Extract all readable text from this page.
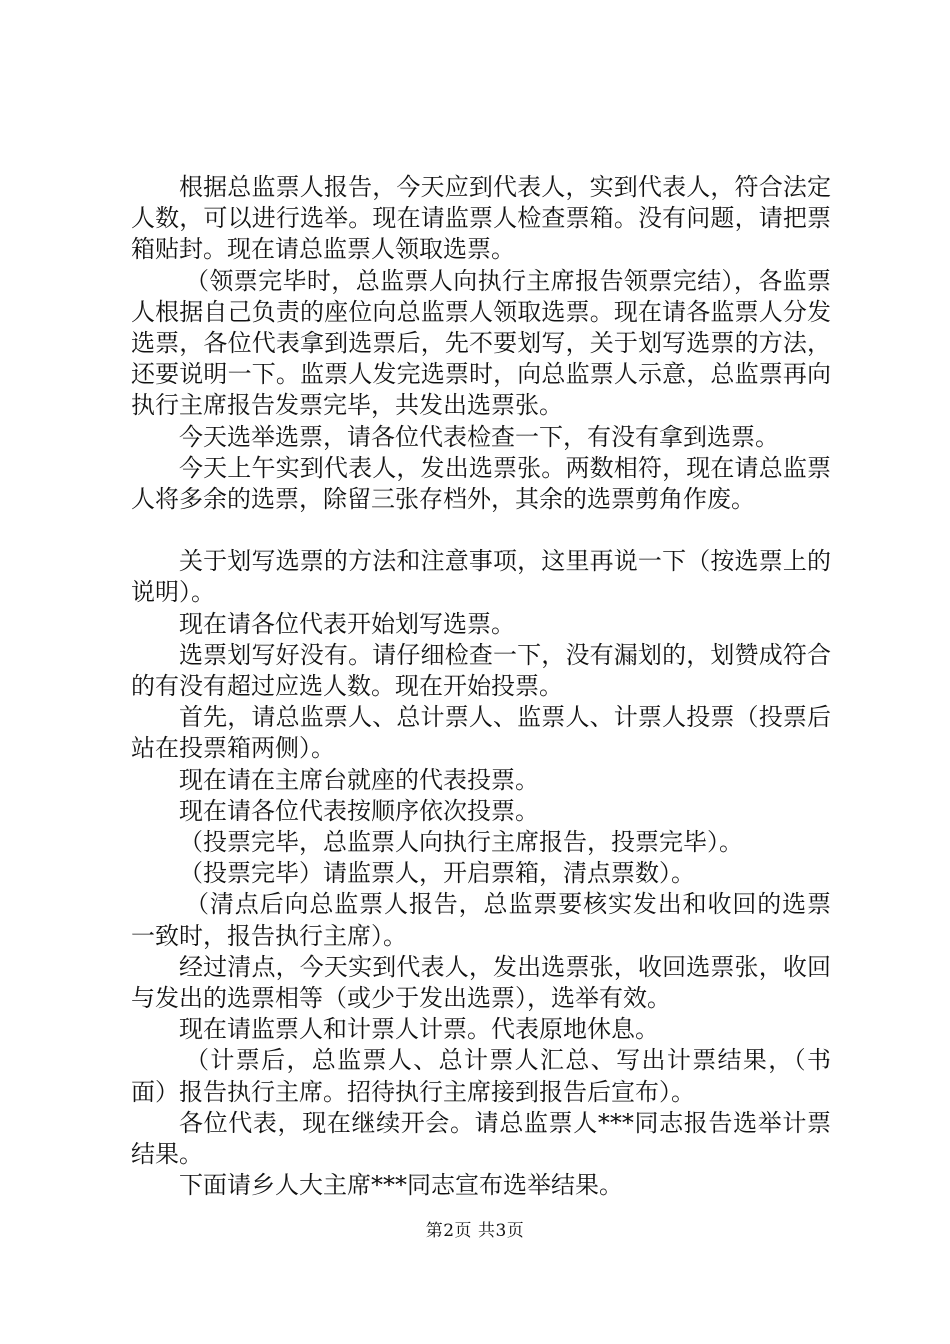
根据总监票人报告，今天应到代表人，实到代表人，符合法定人数，可以进行选举。现在请监票人检查票箱。没有问题，请把票箱贴封。现在请总监票人领取选票。

（领票完毕时，总监票人向执行主席报告领票完结），各监票人根据自己负责的座位向总监票人领取选票。现在请各监票人分发选票，各位代表拿到选票后，先不要划写，关于划写选票的方法，还要说明一下。监票人发完选票时，向总监票人示意，总监票再向执行主席报告发票完毕，共发出选票张。

今天选举选票，请各位代表检查一下，有没有拿到选票。

今天上午实到代表人，发出选票张。两数相符，现在请总监票人将多余的选票，除留三张存档外，其余的选票剪角作废。

关于划写选票的方法和注意事项，这里再说一下（按选票上的说明）。

现在请各位代表开始划写选票。

选票划写好没有。请仔细检查一下，没有漏划的，划赞成符合的有没有超过应选人数。现在开始投票。

首先，请总监票人、总计票人、监票人、计票人投票（投票后站在投票箱两侧）。

现在请在主席台就座的代表投票。

现在请各位代表按顺序依次投票。

（投票完毕，总监票人向执行主席报告，投票完毕）。

（投票完毕）请监票人，开启票箱，清点票数）。

（清点后向总监票人报告，总监票要核实发出和收回的选票一致时，报告执行主席）。

经过清点，今天实到代表人，发出选票张，收回选票张，收回与发出的选票相等（或少于发出选票），选举有效。

现在请监票人和计票人计票。代表原地休息。

（计票后，总监票人、总计票人汇总、写出计票结果，（书面）报告执行主席。招待执行主席接到报告后宣布）。

各位代表，现在继续开会。请总监票人***同志报告选举计票结果。

下面请乡人大主席***同志宣布选举结果。

第2页 共3页
